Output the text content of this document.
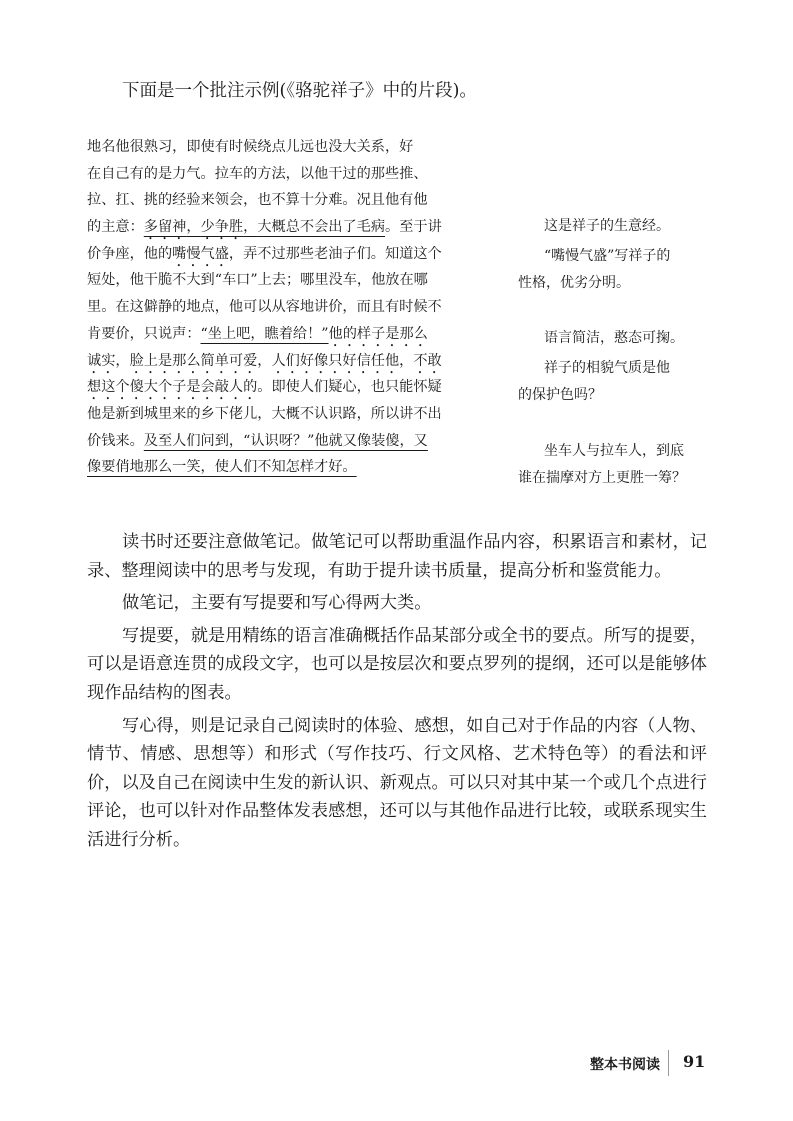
下面是一个批注示例(《骆驼祥子》中的片段)。
地名他很熟习，即使有时候绕点儿远也没大关系，好
在自己有的是力气。拉车的方法，以他干过的那些推、
拉、扛、挑的经验来领会，也不算十分难。况且他有他
的主意：多留神，少争胜，大概总不会出了毛病。至于讲
价争座，他的嘴慢气盛，弄不过那些老油子们。知道这个
短处，他干脆不大到“车口”上去；哪里没车，他放在哪
里。在这僻静的地点，他可以从容地讲价，而且有时候不
肯要价，只说声：“坐上吧，瞧着给！”他的样子是那么
诚实，脸上是那么简单可爱，人们好像只好信任他，不敢
想这个傻大个子是会敲人的。即使人们疑心，也只能怀疑
他是新到城里来的乡下佬儿，大概不认识路，所以讲不出
价钱来。及至人们问到，“认识呀？”他就又像装傻，又
像要俏地那么一笑，使人们不知怎样才好。
这是祥子的生意经。
“嘴慢气盛”写祥子的
性格，优劣分明。
语言简洁，憨态可掬。
祥子的相貌气质是他
的保护色吗？
坐车人与拉车人，到底
谁在揣摩对方上更胜一筹？

读书时还要注意做笔记。做笔记可以帮助重温作品内容，积累语言和素材，记录、整理阅读中的思考与发现，有助于提升读书质量，提高分析和鉴赏能力。

做笔记，主要有写提要和写心得两大类。

写提要，就是用精练的语言准确概括作品某部分或全书的要点。所写的提要，可以是语意连贯的成段文字，也可以是按层次和要点罗列的提纲，还可以是能够体现作品结构的图表。

写心得，则是记录自己阅读时的体验、感想，如自己对于作品的内容（人物、情节、情感、思想等）和形式（写作技巧、行文风格、艺术特色等）的看法和评价，以及自己在阅读中生发的新认识、新观点。可以只对其中某一个或几个点进行评论，也可以针对作品整体发表感想，还可以与其他作品进行比较，或联系现实生活进行分析。

整本书阅读 91
